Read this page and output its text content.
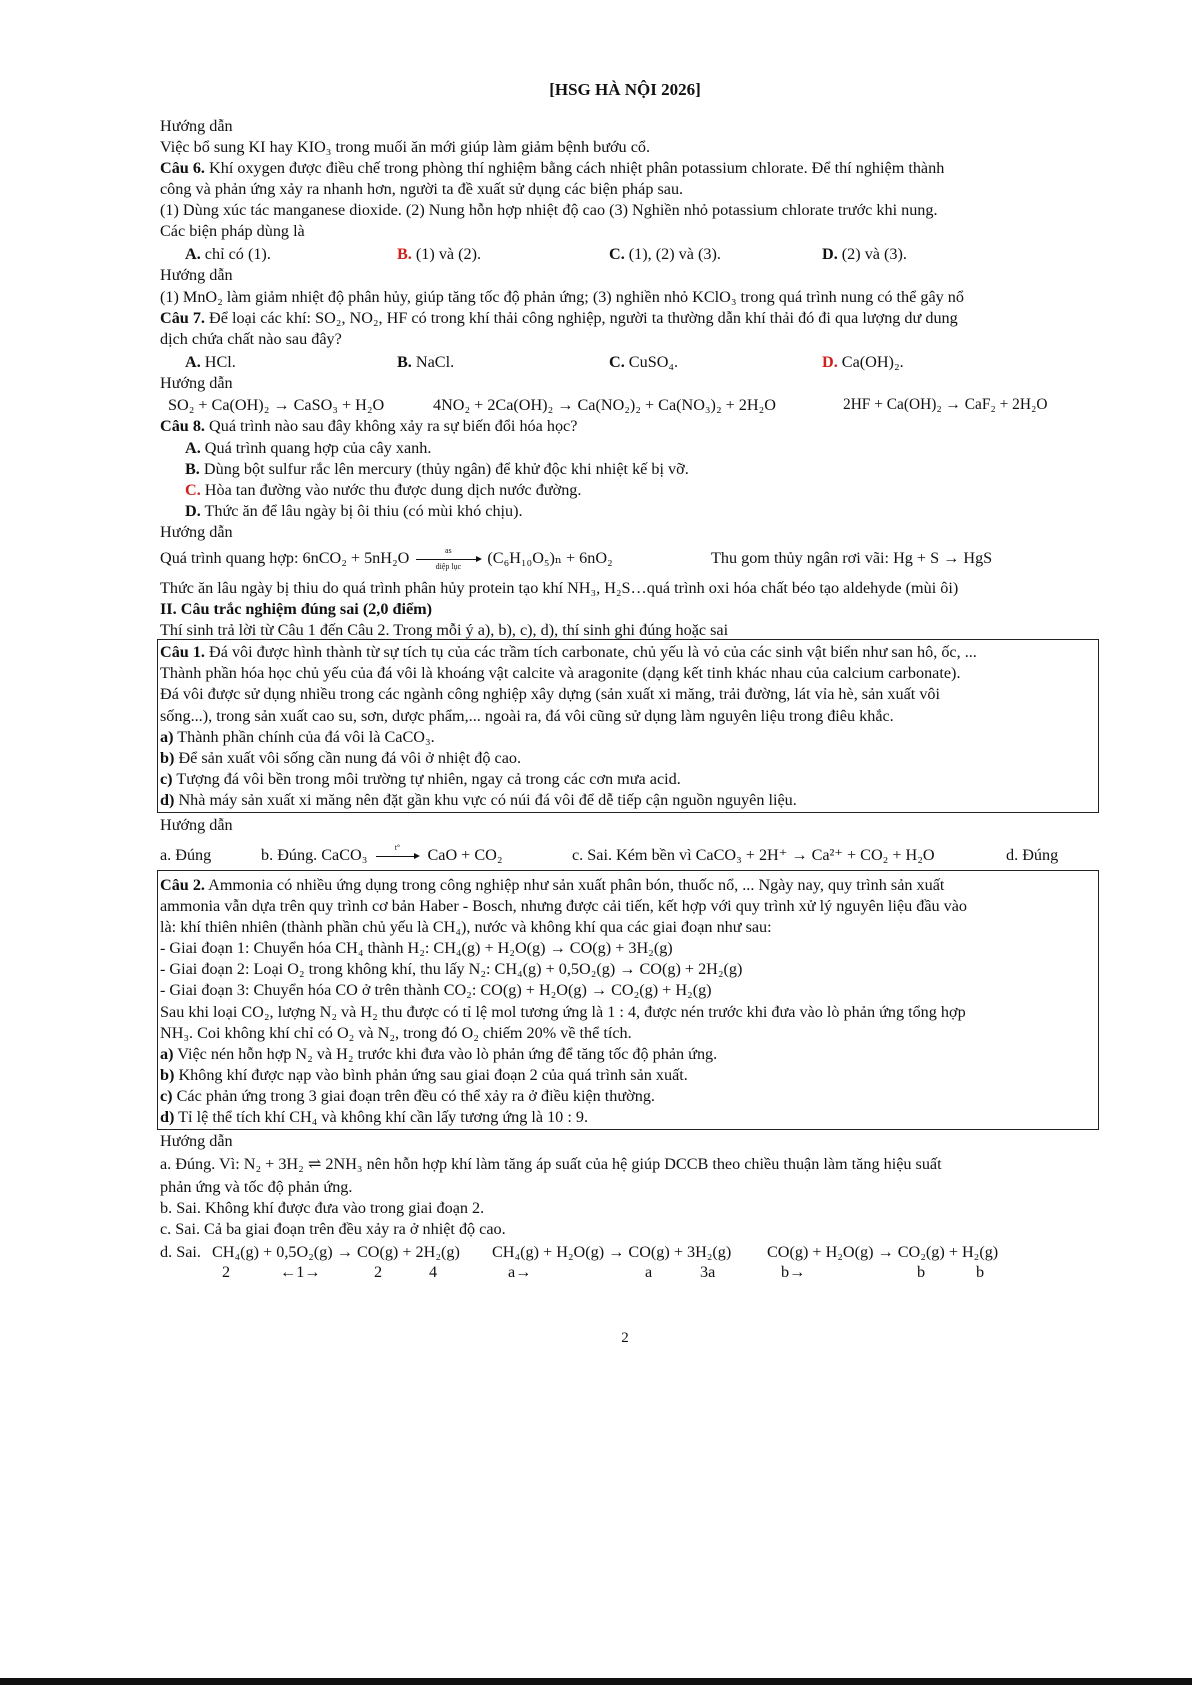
[HSG HÀ NỘI 2026]
Hướng dẫn
Việc bổ sung KI hay KIO₃ trong muối ăn mới giúp làm giảm bệnh bướu cổ.
Câu 6. Khí oxygen được điều chế trong phòng thí nghiệm bằng cách nhiệt phân potassium chlorate. Để thí nghiệm thành
công và phản ứng xảy ra nhanh hơn, người ta đề xuất sử dụng các biện pháp sau.
(1) Dùng xúc tác manganese dioxide. (2) Nung hỗn hợp nhiệt độ cao (3) Nghiền nhỏ potassium chlorate trước khi nung.
Các biện pháp dùng là
A. chỉ có (1).	B. (1) và (2).	C. (1), (2) và (3).	D. (2) và (3).
Hướng dẫn
(1) MnO₂ làm giảm nhiệt độ phân hủy, giúp tăng tốc độ phản ứng; (3) nghiền nhỏ KClO₃ trong quá trình nung có thể gây nổ
Câu 7. Để loại các khí: SO₂, NO₂, HF có trong khí thải công nghiệp, người ta thường dẫn khí thải đó đi qua lượng dư dung
dịch chứa chất nào sau đây?
A. HCl.	B. NaCl.	C. CuSO₄.	D. Ca(OH)₂.
Hướng dẫn
SO₂ + Ca(OH)₂ → CaSO₃ + H₂O	4NO₂ + 2Ca(OH)₂ → Ca(NO₂)₂ + Ca(NO₃)₂ + 2H₂O	2HF + Ca(OH)₂ → CaF₂ + 2H₂O
Câu 8. Quá trình nào sau đây không xảy ra sự biến đổi hóa học?
A. Quá trình quang hợp của cây xanh.
B. Dùng bột sulfur rắc lên mercury (thủy ngân) để khử độc khi nhiệt kế bị vỡ.
C. Hòa tan đường vào nước thu được dung dịch nước đường.
D. Thức ăn để lâu ngày bị ôi thiu (có mùi khó chịu).
Hướng dẫn
Quá trình quang hợp: 6nCO₂ + 5nH₂O	as
diệp lục	(C₆H₁₀O₅)ₙ + 6nO₂	Thu gom thủy ngân rơi vãi: Hg + S → HgS
Thức ăn lâu ngày bị thiu do quá trình phân hủy protein tạo khí NH₃, H₂S…quá trình oxi hóa chất béo tạo aldehyde (mùi ôi)
II. Câu trắc nghiệm đúng sai (2,0 điểm)
Thí sinh trả lời từ Câu 1 đến Câu 2. Trong mỗi ý a), b), c), d), thí sinh ghi đúng hoặc sai
Câu 1. Đá vôi được hình thành từ sự tích tụ của các trầm tích carbonate, chủ yếu là vỏ của các sinh vật biển như san hô, ốc, ...
Thành phần hóa học chủ yếu của đá vôi là khoáng vật calcite và aragonite (dạng kết tinh khác nhau của calcium carbonate).
Đá vôi được sử dụng nhiều trong các ngành công nghiệp xây dựng (sản xuất xi măng, trải đường, lát vỉa hè, sản xuất vôi
sống...), trong sản xuất cao su, sơn, dược phẩm,... ngoài ra, đá vôi cũng sử dụng làm nguyên liệu trong điêu khắc.
a) Thành phần chính của đá vôi là CaCO₃.
b) Để sản xuất vôi sống cần nung đá vôi ở nhiệt độ cao.
c) Tượng đá vôi bền trong môi trường tự nhiên, ngay cả trong các cơn mưa acid.
d) Nhà máy sản xuất xi măng nên đặt gần khu vực có núi đá vôi để dễ tiếp cận nguồn nguyên liệu.
Hướng dẫn
a. Đúng	b. Đúng. CaCO₃	t°	CaO + CO₂	c. Sai. Kém bền vì CaCO₃ + 2H⁺ → Ca²⁺ + CO₂ + H₂O	d. Đúng
Câu 2. Ammonia có nhiều ứng dụng trong công nghiệp như sản xuất phân bón, thuốc nổ, ... Ngày nay, quy trình sản xuất
ammonia vẫn dựa trên quy trình cơ bản Haber - Bosch, nhưng được cải tiến, kết hợp với quy trình xử lý nguyên liệu đầu vào
là: khí thiên nhiên (thành phần chủ yếu là CH₄), nước và không khí qua các giai đoạn như sau:
- Giai đoạn 1: Chuyển hóa CH₄ thành H₂: CH₄(g) + H₂O(g) → CO(g) + 3H₂(g)
- Giai đoạn 2: Loại O₂ trong không khí, thu lấy N₂: CH₄(g) + 0,5O₂(g) → CO(g) + 2H₂(g)
- Giai đoạn 3: Chuyển hóa CO ở trên thành CO₂: CO(g) + H₂O(g) → CO₂(g) + H₂(g)
Sau khi loại CO₂, lượng N₂ và H₂ thu được có tỉ lệ mol tương ứng là 1 : 4, được nén trước khi đưa vào lò phản ứng tổng hợp
NH₃. Coi không khí chỉ có O₂ và N₂, trong đó O₂ chiếm 20% về thể tích.
a) Việc nén hỗn hợp N₂ và H₂ trước khi đưa vào lò phản ứng để tăng tốc độ phản ứng.
b) Không khí được nạp vào bình phản ứng sau giai đoạn 2 của quá trình sản xuất.
c) Các phản ứng trong 3 giai đoạn trên đều có thể xảy ra ở điều kiện thường.
d) Tỉ lệ thể tích khí CH₄ và không khí cần lấy tương ứng là 10 : 9.
Hướng dẫn
a. Đúng. Vì: N₂ + 3H₂ ⇌ 2NH₃ nên hỗn hợp khí làm tăng áp suất của hệ giúp DCCB theo chiều thuận làm tăng hiệu suất
phản ứng và tốc độ phản ứng.
b. Sai. Không khí được đưa vào trong giai đoạn 2.
c. Sai. Cả ba giai đoạn trên đều xảy ra ở nhiệt độ cao.
d. Sai. CH₄(g) + 0,5O₂(g) → CO(g) + 2H₂(g) CH₄(g) + H₂O(g) → CO(g) + 3H₂(g) CO(g) + H₂O(g) → CO₂(g) + H₂(g)
2	←1→	2	4	a→	a	3a	b→	b	b
2
